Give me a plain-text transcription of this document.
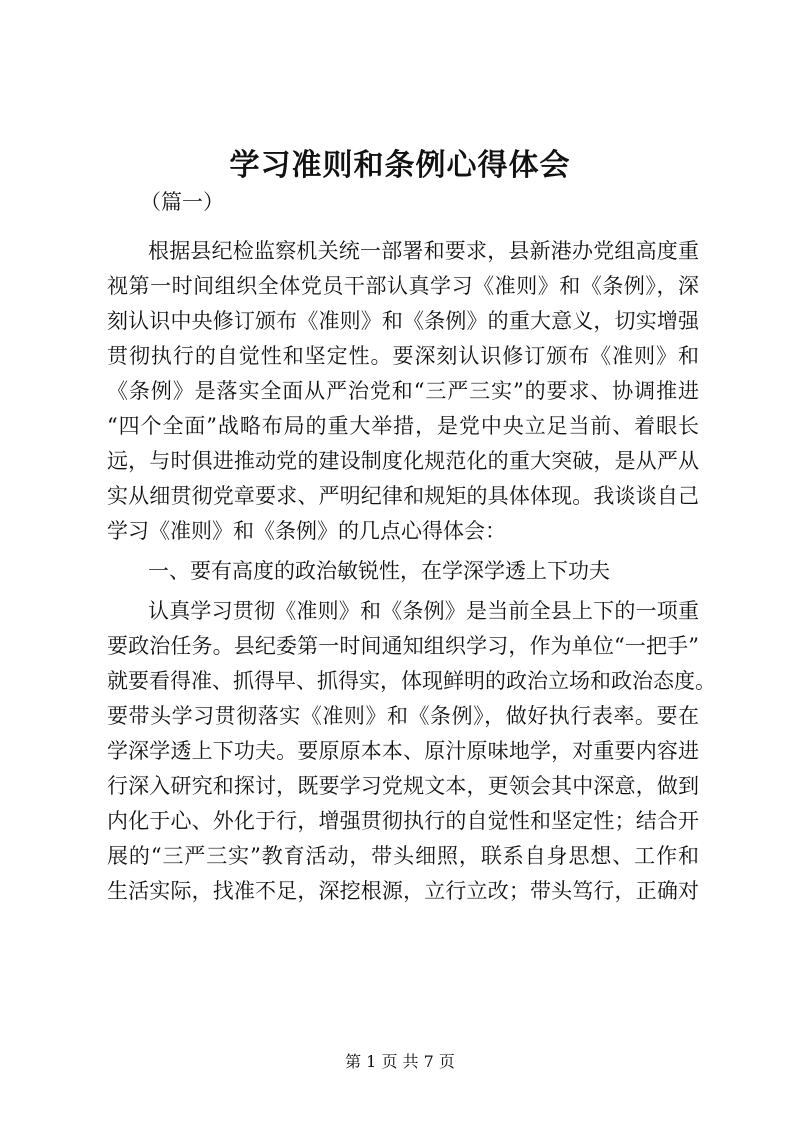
学习准则和条例心得体会
（篇一）
根据县纪检监察机关统一部署和要求，县新港办党组高度重
视第一时间组织全体党员干部认真学习《准则》和《条例》，深
刻认识中央修订颁布《准则》和《条例》的重大意义，切实增强
贯彻执行的自觉性和坚定性。要深刻认识修订颁布《准则》和
《条例》是落实全面从严治党和“三严三实”的要求、协调推进
“四个全面”战略布局的重大举措，是党中央立足当前、着眼长
远，与时俱进推动党的建设制度化规范化的重大突破，是从严从
实从细贯彻党章要求、严明纪律和规矩的具体体现。我谈谈自己
学习《准则》和《条例》的几点心得体会：
一、要有高度的政治敏锐性，在学深学透上下功夫
认真学习贯彻《准则》和《条例》是当前全县上下的一项重
要政治任务。县纪委第一时间通知组织学习，作为单位“一把手”
就要看得准、抓得早、抓得实，体现鲜明的政治立场和政治态度。
要带头学习贯彻落实《准则》和《条例》，做好执行表率。要在
学深学透上下功夫。要原原本本、原汁原味地学，对重要内容进
行深入研究和探讨，既要学习党规文本，更领会其中深意，做到
内化于心、外化于行，增强贯彻执行的自觉性和坚定性；结合开
展的“三严三实”教育活动，带头细照，联系自身思想、工作和
生活实际，找准不足，深挖根源，立行立改；带头笃行，正确对
第 1 页 共 7 页
